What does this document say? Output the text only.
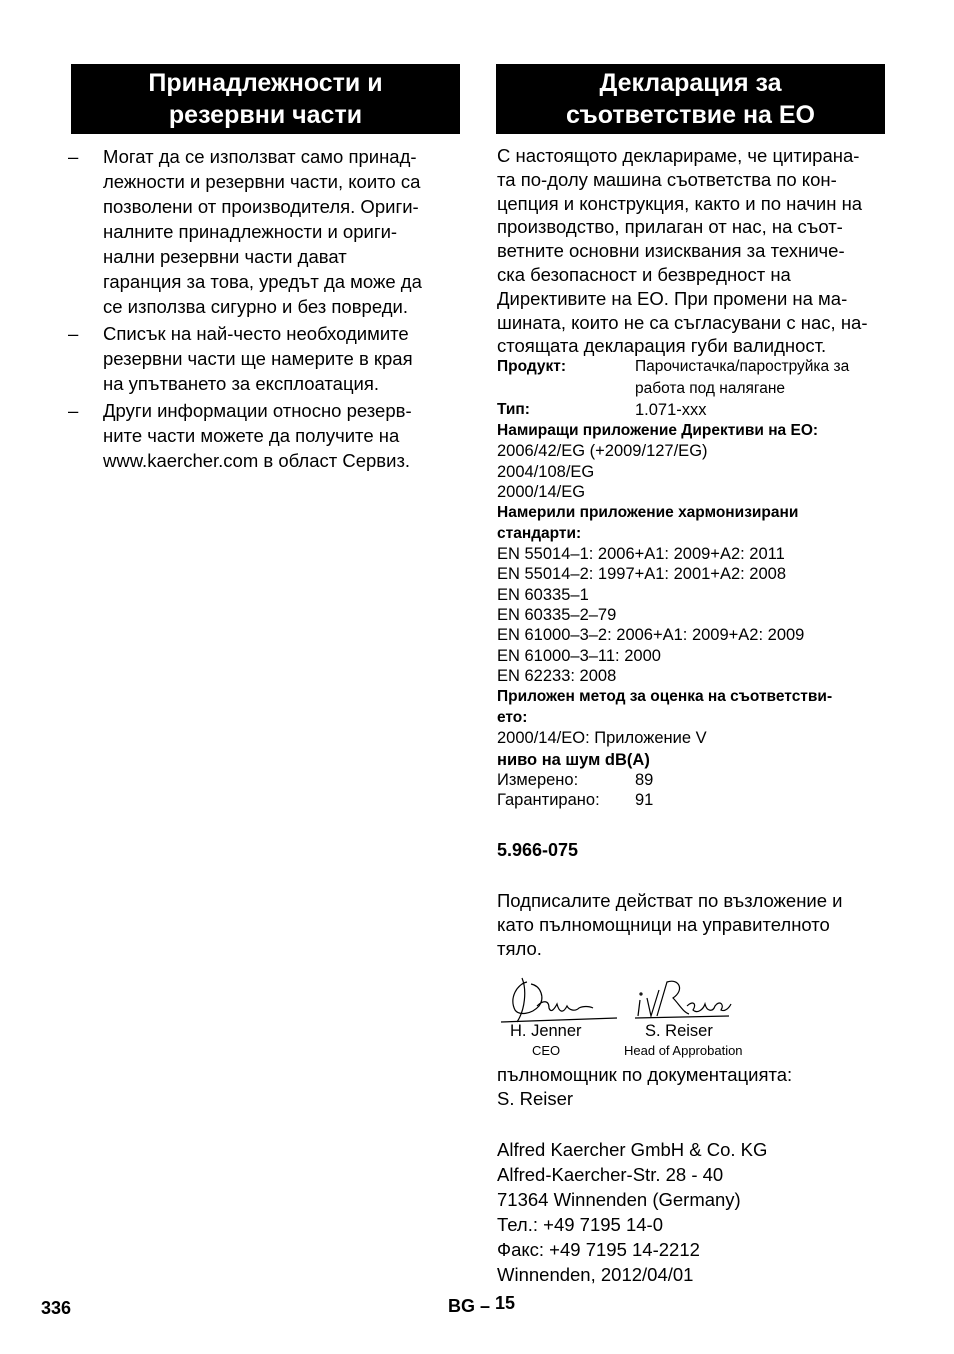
Принадлежности и
резервни части
Декларация за
съответствие на ЕО
– Могат да се използват само принад-
лежности и резервни части, които са
позволени от производителя. Ориги-
налните принадлежности и ориги-
нални резервни части дават
гаранция за това, уредът да може да
се използва сигурно и без повреди.
– Списък на най-често необходимите
резервни части ще намерите в края
на упътването за експлоатация.
– Други информации относно резерв-
ните части можете да получите на
www.kaercher.com в област Сервиз.
С настоящото декларираме, че цитирана-
та по-долу машина съответства по кон-
цепция и конструкция, както и по начин на
производство, прилаган от нас, на съот-
ветните основни изисквания за техниче-
ска безопасност и безвредност на
Директивите на ЕО. При промени на ма-
шината, които не са съгласувани с нас, на-
стоящата декларация губи валидност.
Продукт:	Парочистачка/пароструйка за
работа под налягане
Тип:	1.071-xxx
Намиращи приложение Директиви на ЕО:
2006/42/EG (+2009/127/EG)
2004/108/EG
2000/14/EG
Намерили приложение хармонизирани
стандарти:
EN 55014–1: 2006+A1: 2009+A2: 2011
EN 55014–2: 1997+A1: 2001+A2: 2008
EN 60335–1
EN 60335–2–79
EN 61000–3–2: 2006+A1: 2009+A2: 2009
EN 61000–3–11: 2000
EN 62233: 2008
Приложен метод за оценка на съответстви-
ето:
2000/14/ЕО: Приложение V
ниво на шум dB(A)
Измерено:	89
Гарантирано: 91
5.966-075
Подписалите действат по възложение и
като пълномощници на управителното
тяло.
H. Jenner
CEO
S. Reiser
Head of Approbation
пълномощник по документацията:
S. Reiser
Alfred Kaercher GmbH & Co. KG
Alfred-Kaercher-Str. 28 - 40
71364 Winnenden (Germany)
Тел.: +49 7195 14-0
Факс: +49 7195 14-2212
Winnenden, 2012/04/01
336	BG – 15
